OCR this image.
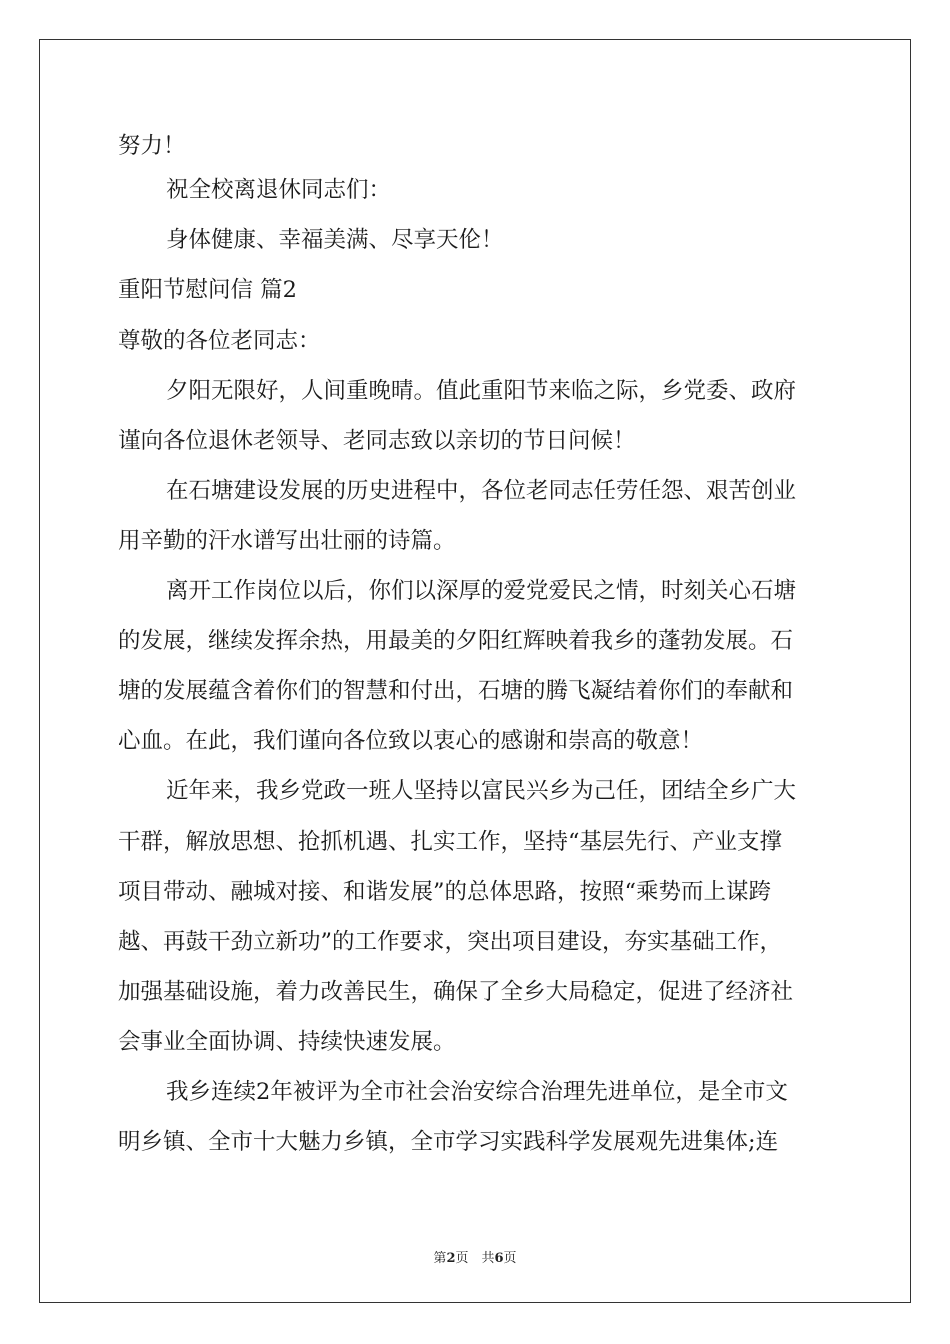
努力！
祝全校离退休同志们：
身体健康、幸福美满、尽享天伦！
重阳节慰问信 篇2
尊敬的各位老同志：
夕阳无限好，人间重晚晴。值此重阳节来临之际，乡党委、政府
谨向各位退休老领导、老同志致以亲切的节日问候！
在石塘建设发展的历史进程中，各位老同志任劳任怨、艰苦创业
用辛勤的汗水谱写出壮丽的诗篇。
离开工作岗位以后，你们以深厚的爱党爱民之情，时刻关心石塘
的发展，继续发挥余热，用最美的夕阳红辉映着我乡的蓬勃发展。石
塘的发展蕴含着你们的智慧和付出，石塘的腾飞凝结着你们的奉献和
心血。在此，我们谨向各位致以衷心的感谢和崇高的敬意！
近年来，我乡党政一班人坚持以富民兴乡为己任，团结全乡广大
干群，解放思想、抢抓机遇、扎实工作，坚持“基层先行、产业支撑
项目带动、融城对接、和谐发展”的总体思路，按照“乘势而上谋跨
越、再鼓干劲立新功”的工作要求，突出项目建设，夯实基础工作，
加强基础设施，着力改善民生，确保了全乡大局稳定，促进了经济社
会事业全面协调、持续快速发展。
我乡连续2年被评为全市社会治安综合治理先进单位，是全市文
明乡镇、全市十大魅力乡镇，全市学习实践科学发展观先进集体;连
第2页　共6页
